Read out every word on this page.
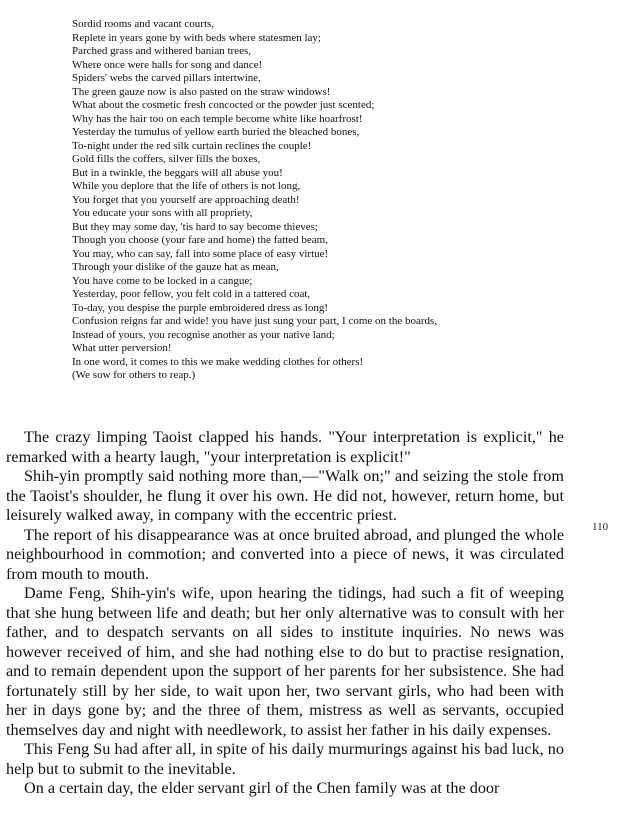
Sordid rooms and vacant courts,
Replete in years gone by with beds where statesmen lay;
Parched grass and withered banian trees,
Where once were halls for song and dance!
Spiders' webs the carved pillars intertwine,
The green gauze now is also pasted on the straw windows!
What about the cosmetic fresh concocted or the powder just scented;
Why has the hair too on each temple become white like hoarfrost!
Yesterday the tumulus of yellow earth buried the bleached bones,
To-night under the red silk curtain reclines the couple!
Gold fills the coffers, silver fills the boxes,
But in a twinkle, the beggars will all abuse you!
While you deplore that the life of others is not long,
You forget that you yourself are approaching death!
You educate your sons with all propriety,
But they may some day, 'tis hard to say become thieves;
Though you choose (your fare and home) the fatted beam,
You may, who can say, fall into some place of easy virtue!
Through your dislike of the gauze hat as mean,
You have come to be locked in a cangue;
Yesterday, poor fellow, you felt cold in a tattered coat,
To-day, you despise the purple embroidered dress as long!
Confusion reigns far and wide! you have just sung your part, I come on the boards,
Instead of yours, you recognise another as your native land;
What utter perversion!
In one word, it comes to this we make wedding clothes for others!
(We sow for others to reap.)

The crazy limping Taoist clapped his hands. "Your interpretation is explicit," he remarked with a hearty laugh, "your interpretation is explicit!"

Shih-yin promptly said nothing more than,—"Walk on;" and seizing the stole from the Taoist's shoulder, he flung it over his own. He did not, however, return home, but leisurely walked away, in company with the eccentric priest.

The report of his disappearance was at once bruited abroad, and plunged the whole neighbourhood in commotion; and converted into a piece of news, it was circulated from mouth to mouth.

Dame Feng, Shih-yin's wife, upon hearing the tidings, had such a fit of weeping that she hung between life and death; but her only alternative was to consult with her father, and to despatch servants on all sides to institute inquiries. No news was however received of him, and she had nothing else to do but to practise resignation, and to remain dependent upon the support of her parents for her subsistence. She had fortunately still by her side, to wait upon her, two servant girls, who had been with her in days gone by; and the three of them, mistress as well as servants, occupied themselves day and night with needlework, to assist her father in his daily expenses.

This Feng Su had after all, in spite of his daily murmurings against his bad luck, no help but to submit to the inevitable.

On a certain day, the elder servant girl of the Chen family was at the door

110
